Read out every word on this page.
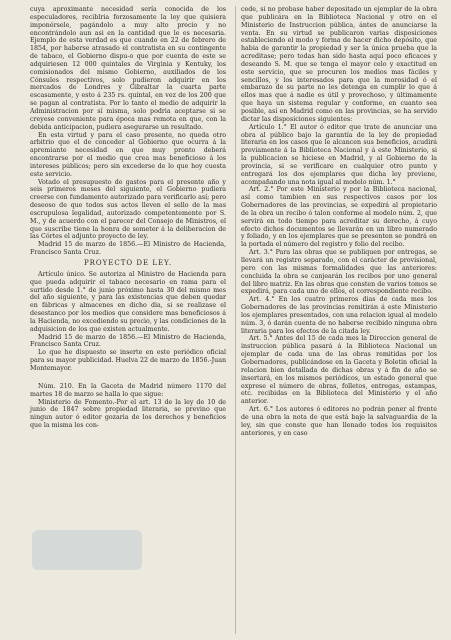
cuya aproximante necesidad sería conocida de los especuladores, reciblria forzosamente la ley que quisiera imponérsele, pagándolo a muy alto precio y no encontrándolo aun asi en la cantidad que le es necesaria. Ejemplo de esta verdad es que cuando en 22 de febrero de 1854, por haberse atrasado el contratista en su contingente de tabaco, el Gobierno dispu-o que por cuenta de este se adquiriesen 12 000 quintales de Virginia y Kentuky, los comisionados del mismo Gobierno, auxiliados de los Cónsules respectivos, solo pudieron adquirir en los mercados de Londres y Gibraltar la cuarta parte escasamente, y esto á 235 rs. quintal, en vez de los 200 que se pagan al contratista. Por lo tanto el medio de adquirir la Administracion por sí misma, solo podria aceptarse si se creyese conveniente para época mas remota en que, con la debida anticipacion, pudiera asegurarse un resultado.

En esta virtud y para el caso presente, no queda otro arbitrio que el de conceder al Gobierno que ocurra á la apremiante necesidad en que muy pronto deberá encontrarse por el medio que crea mas beneficioso á los intereses públicos; pero sin excederse de lo que hoy cuesta este servicio.

Votado el presupuesto de gastos para el presente año y seis primeros meses del siguiente, el Gobierno pudiera creerse con fundamento autorizado para verificarlo así; pero deseoso de que todos sus actos lleven el sello de la mas escrupulosa legalidad, autorizado competentemente por S. M., y de acuerdo con el parecer del Consejo de Ministros, el que suscribe tiene la honra de someter á la deliberacion de las Córtes el adjunto proyecto de ley.

Madrid 15 de marzo de 1856.—El Ministro de Hacienda, Francisco Santa Cruz.

PROYECTO DE LEY.

Artículo único. Se autoriza al Ministro de Hacienda para que pueda adquirir el tabaco necesario en rama para el surtido desde 1.° de junio próximo hasta 30 del mismo mes del año siguiente, y para las existencias que deben quedar en fábricas y almacenes en dicho dia, si se realizase el desestanco por los medios que considere mas beneficiosos á la Hacienda, no excediendo su precio, y las condiciones de la adquisicion de los que existen actualmente.

Madrid 15 de marzo de 1856.—El Ministro de Hacienda, Francisco Santa Cruz.

Lo que he dispuesto se inserte en este periódico oficial para su mayor publicidad. Huelva 22 de marzo de 1856.-Juan Montemayor.

Núm. 210. En la Gaceta de Madrid número 1170 del martes 18 de marzo se halla lo que sigue:

Ministerio de Fomento.-Por el art. 13 de la ley de 10 de junio de 1847 sobre propiedad literaria, se previno que ningun autor ó editor gozaria de los derechos y beneficios que la misma les con-

cede, si no probase haber depositado un ejemplar de la obra que publicára en la Biblioteca Nacional y otro en el Ministerio de Instruccion pública, ántes de anunciarse la venta. En su virtud se publicaron varias disposiciones estableciendo el modo y forma de hacer dicho depósito, que habia de garantir la propiedad y ser la única prueba que la acreditase; pero todas han sido hasta aquí poco eficaces y deseando S. M. que se tenga el mayor celo y exactitud en este servicio, que se procuren los medios mas fáciles y sencillos, y los interesados para que la morosidad ó el embarazo de su parte no les detenga en cumplir lo que á ellos mas que á nadie es útil y provechoso, y últimamente que haya un sistema regular y conforme, en cuanto sea posible, así en Madrid como en las provincias, se ha servido dictar las disposiciones siguientes:

Artículo 1.° El autor ó editor que trate de anunciar una obra al público bajo la garantía de la ley de propiedad literaria en los casos que le alcancen sus beneficios, acudirá previamente á la Biblioteca Nacional y á este Ministerio, si la publicacion se hiciese en Madrid, y al Gobierno de la provincia, si se verificare en cualquier otro punto y entregará los dos ejemplares que dicha ley previene, acompañando una nota igual al modelo núm. 1.°

Art. 2.° Por este Ministerio y por la Biblioteca nacional, así como tambien en sus respectivos casos por los Gobernadores de las provincias, se expedirá al propietario de la obra un recibo ó talon conforme al modelo núm. 2, que servirá en todo tiempo para acreditar su derecho, á cuyo efecto dichos documentos se llevarán en un libro numerado y foliado, y en los ejemplares que se presenten se pondrá en la portada el número del registro y folio del recibo.

Art. 3.° Para las obras que se publiquen por entregas, se llevará un registro separado, con el carácter de provisional, pero con las mismas formalidades que las anteriores: concluida la obra se canjearán los recibos por uno general del libro matriz. En las obras que consten de varios tomos se expedirá, para cada uno de ellos, el correspondiente recibo.

Art. 4.° En los cuatro primeros dias de cada mes los Gobernadores de las provincias remitirán á este Ministerio los ejemplares presentados, con una relacion igual al modelo núm. 3, ó darán cuenta de no haberse recibido ninguna obra literaria para los efectos de la citada ley.

Art. 5.° Antes del 15 de cada mes la Direccion general de instruccion pública pasará á la Biblioteca Nacional un ejemplar de cada una de las obras remitidas por los Gobernadores, publicándose en la Gaceta y Boletin oficial la relacion bien detallada de dichas obras y á fin de año se insertará, en los mismos periódicos, un estado general que exprese el número de obras, folletos, entregas, estampas, etc. recibidas en la Biblioteca del Ministerio y el año anterior.

Art. 6.° Los autores ó editores no podrán poner al frente de una obra la nota de que está bajo la salvaguardia de la ley, sin que conste que han llenado todos los requisitos anteriores, y en caso
